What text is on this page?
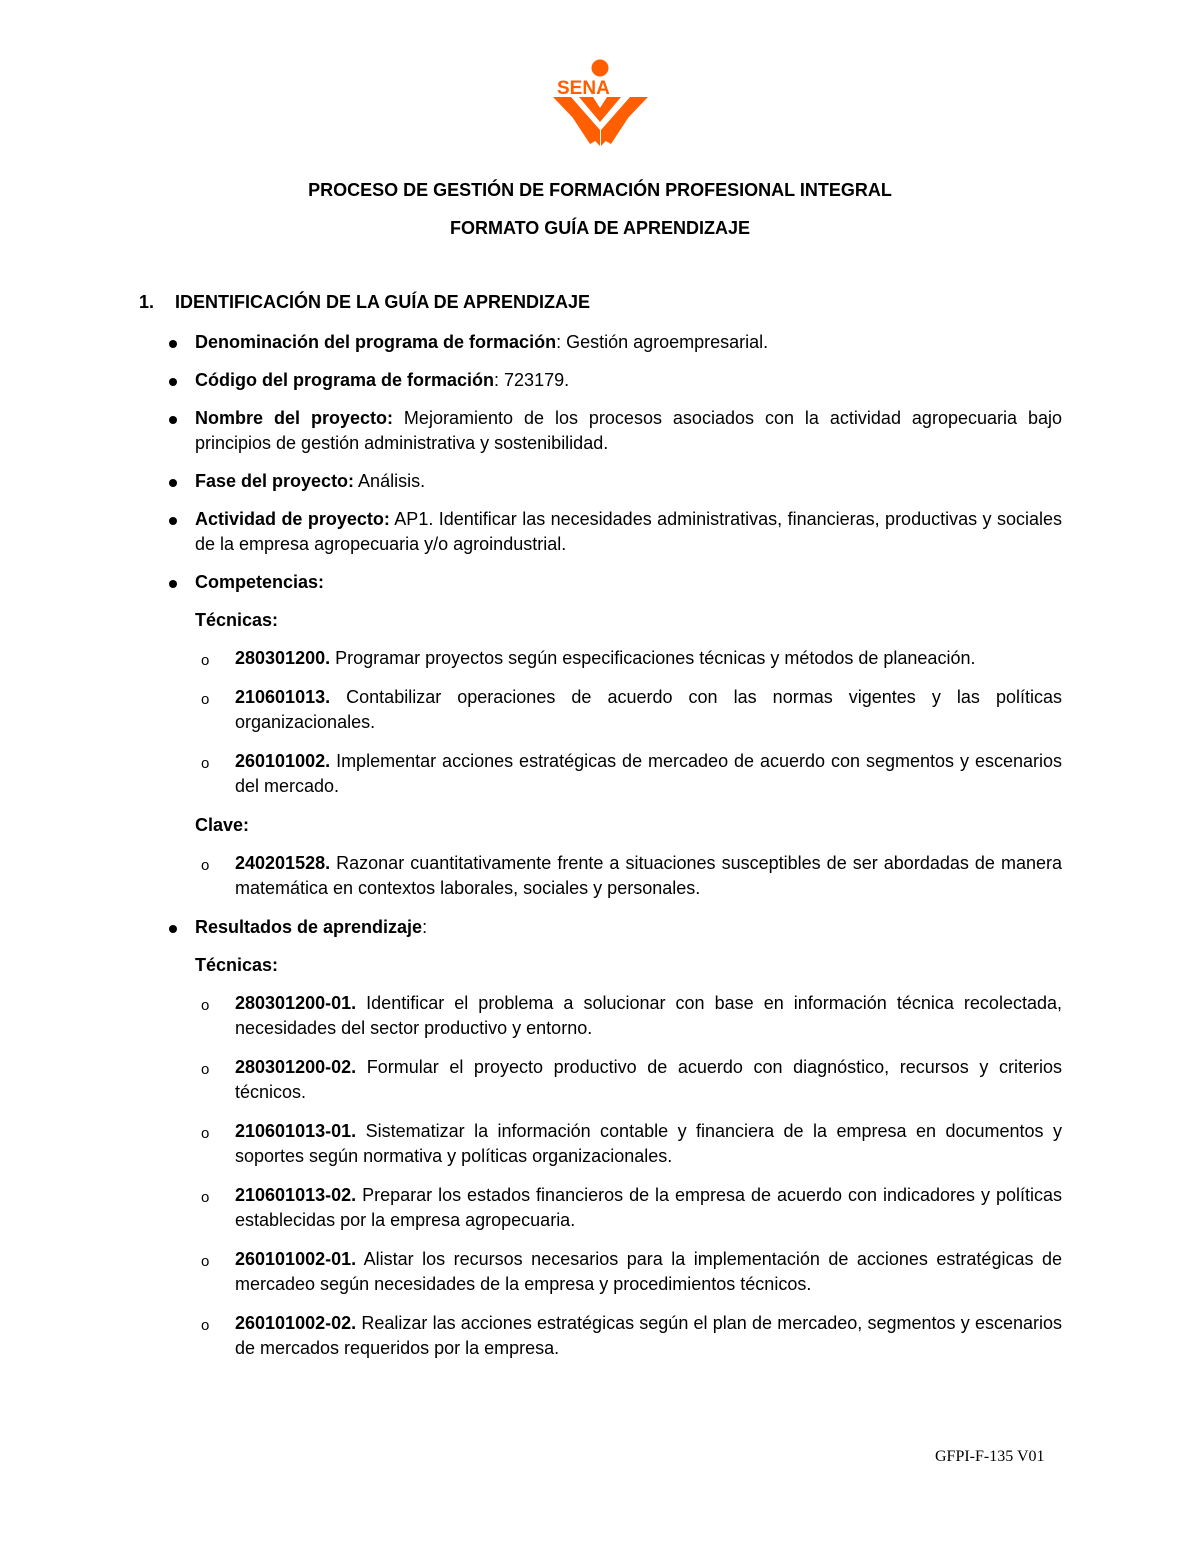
SENA
PROCESO DE GESTIÓN DE FORMACIÓN PROFESIONAL INTEGRAL
FORMATO GUÍA DE APRENDIZAJE
1. IDENTIFICACIÓN DE LA GUÍA DE APRENDIZAJE
Denominación del programa de formación: Gestión agroempresarial.
Código del programa de formación: 723179.
Nombre del proyecto: Mejoramiento de los procesos asociados con la actividad agropecuaria bajo principios de gestión administrativa y sostenibilidad.
Fase del proyecto: Análisis.
Actividad de proyecto: AP1. Identificar las necesidades administrativas, financieras, productivas y sociales de la empresa agropecuaria y/o agroindustrial.
Competencias:
Técnicas:
o 280301200. Programar proyectos según especificaciones técnicas y métodos de planeación.
o 210601013. Contabilizar operaciones de acuerdo con las normas vigentes y las políticas organizacionales.
o 260101002. Implementar acciones estratégicas de mercadeo de acuerdo con segmentos y escenarios del mercado.
Clave:
o 240201528. Razonar cuantitativamente frente a situaciones susceptibles de ser abordadas de manera matemática en contextos laborales, sociales y personales.
Resultados de aprendizaje:
Técnicas:
o 280301200-01. Identificar el problema a solucionar con base en información técnica recolectada, necesidades del sector productivo y entorno.
o 280301200-02. Formular el proyecto productivo de acuerdo con diagnóstico, recursos y criterios técnicos.
o 210601013-01. Sistematizar la información contable y financiera de la empresa en documentos y soportes según normativa y políticas organizacionales.
o 210601013-02. Preparar los estados financieros de la empresa de acuerdo con indicadores y políticas establecidas por la empresa agropecuaria.
o 260101002-01. Alistar los recursos necesarios para la implementación de acciones estratégicas de mercadeo según necesidades de la empresa y procedimientos técnicos.
o 260101002-02. Realizar las acciones estratégicas según el plan de mercadeo, segmentos y escenarios de mercados requeridos por la empresa.
GFPI-F-135 V01
